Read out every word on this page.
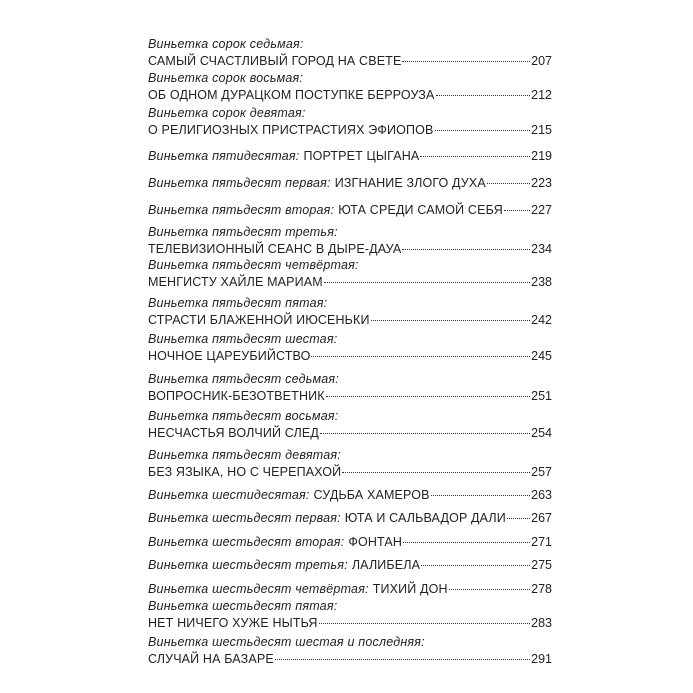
Виньетка сорок седьмая:
САМЫЙ СЧАСТЛИВЫЙ ГОРОД НА СВЕТЕ	207
Виньетка сорок восьмая:
ОБ ОДНОМ ДУРАЦКОМ ПОСТУПКЕ БЕРРОУЗА	212
Виньетка сорок девятая:
О РЕЛИГИОЗНЫХ ПРИСТРАСТИЯХ ЭФИОПОВ	215
Виньетка пятидесятая: ПОРТРЕТ ЦЫГАНА	219
Виньетка пятьдесят первая: ИЗГНАНИЕ ЗЛОГО ДУХА	223
Виньетка пятьдесят вторая: ЮТА СРЕДИ САМОЙ СЕБЯ 227
Виньетка пятьдесят третья:
ТЕЛЕВИЗИОННЫЙ СЕАНС В ДЫРЕ-ДАУА	234
Виньетка пятьдесят четвёртая:
МЕНГИСТУ ХАЙЛЕ МАРИАМ	238
Виньетка пятьдесят пятая:
СТРАСТИ БЛАЖЕННОЙ ИЮСЕНЬКИ	242
Виньетка пятьдесят шестая:
НОЧНОЕ ЦАРЕУБИЙСТВО	245
Виньетка пятьдесят седьмая:
ВОПРОСНИК-БЕЗОТВЕТНИК	251
Виньетка пятьдесят восьмая:
НЕСЧАСТЬЯ ВОЛЧИЙ СЛЕД	254
Виньетка пятьдесят девятая:
БЕЗ ЯЗЫКА, НО С ЧЕРЕПАХОЙ	257
Виньетка шестидесятая: СУДЬБА ХАМЕРОВ	263
Виньетка шестьдесят первая: ЮТА И САЛЬВАДОР ДАЛИ 267
Виньетка шестьдесят вторая: ФОНТАН	271
Виньетка шестьдесят третья: ЛАЛИБЕЛА	275
Виньетка шестьдесят четвёртая: ТИХИЙ ДОН	278
Виньетка шестьдесят пятая:
НЕТ НИЧЕГО ХУЖЕ НЫТЬЯ	283
Виньетка шестьдесят шестая и последняя:
СЛУЧАЙ НА БАЗАРЕ	291
